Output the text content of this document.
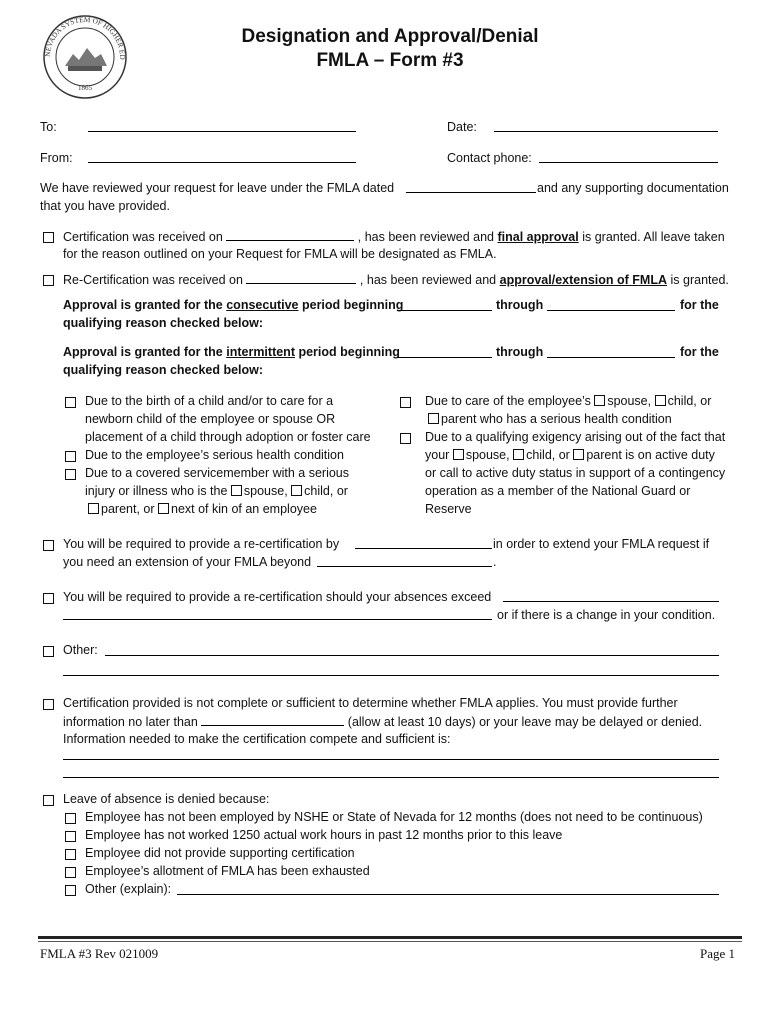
NEVADA SYSTEM OF HIGHER ED
1865
Designation and Approval/Denial
FMLA – Form #3
To:	Date:
From:	Contact phone:
We have reviewed your request for leave under the FMLA dated	and any supporting documentation
that you have provided.
Certification was received on	, has been reviewed and final approval is granted. All leave taken
for the reason outlined on your Request for FMLA will be designated as FMLA.
Re-Certification was received on	, has been reviewed and approval/extension of FMLA is granted.
Approval is granted for the consecutive period beginning	through	for the
qualifying reason checked below:
Approval is granted for the intermittent period beginning	through	for the
qualifying reason checked below:
Due to the birth of a child and/or to care for a
newborn child of the employee or spouse OR
placement of a child through adoption or foster care
Due to the employee’s serious health condition
Due to a covered servicemember with a serious
injury or illness who is the spouse, child, or
parent, or next of kin of an employee
Due to care of the employee’s spouse, child, or
parent who has a serious health condition
Due to a qualifying exigency arising out of the fact that
your spouse, child, or parent is on active duty
or call to active duty status in support of a contingency
operation as a member of the National Guard or
Reserve
You will be required to provide a re-certification by	in order to extend your FMLA request if
you need an extension of your FMLA beyond	.
You will be required to provide a re-certification should your absences exceed
or if there is a change in your condition.
Other:
Certification provided is not complete or sufficient to determine whether FMLA applies. You must provide further
information no later than	(allow at least 10 days) or your leave may be delayed or denied.
Information needed to make the certification compete and sufficient is:
Leave of absence is denied because:
Employee has not been employed by NSHE or State of Nevada for 12 months (does not need to be continuous)
Employee has not worked 1250 actual work hours in past 12 months prior to this leave
Employee did not provide supporting certification
Employee’s allotment of FMLA has been exhausted
Other (explain):
FMLA #3 Rev 021009	Page 1
